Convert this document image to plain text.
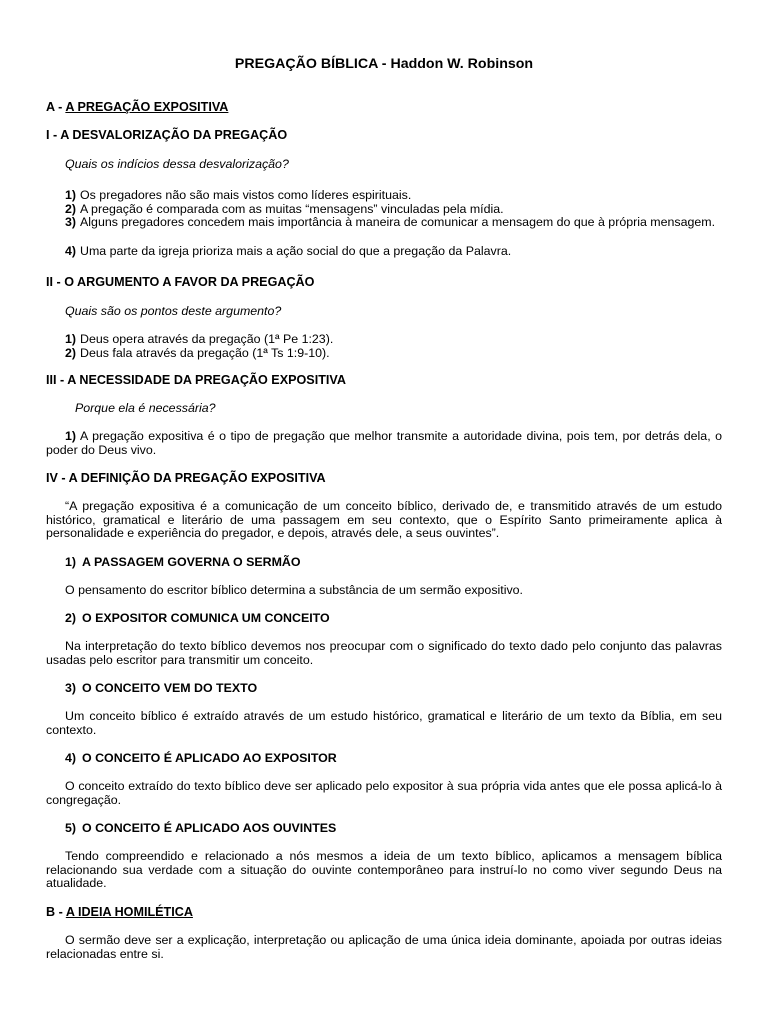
PREGAÇÃO BÍBLICA - Haddon W. Robinson
A - A PREGAÇÃO EXPOSITIVA
I - A DESVALORIZAÇÃO DA PREGAÇÃO
Quais os indícios dessa desvalorização?
1) Os pregadores não são mais vistos como líderes espirituais.
2) A pregação é comparada com as muitas “mensagens” vinculadas pela mídia.
3) Alguns pregadores concedem mais importância à maneira de comunicar a mensagem do que à própria mensagem.
4) Uma parte da igreja prioriza mais a ação social do que a pregação da Palavra.
II - O ARGUMENTO A FAVOR DA PREGAÇÃO
Quais são os pontos deste argumento?
1) Deus opera através da pregação (1ª Pe 1:23).
2) Deus fala através da pregação (1ª Ts 1:9-10).
III - A NECESSIDADE DA PREGAÇÃO EXPOSITIVA
Porque ela é necessária?
1) A pregação expositiva é o tipo de pregação que melhor transmite a autoridade divina, pois tem, por detrás dela, o poder do Deus vivo.
IV - A DEFINIÇÃO DA PREGAÇÃO EXPOSITIVA
“A pregação expositiva é a comunicação de um conceito bíblico, derivado de, e transmitido através de um estudo histórico, gramatical e literário de uma passagem em seu contexto, que o Espírito Santo primeiramente aplica à personalidade e experiência do pregador, e depois, através dele, a seus ouvintes”.
1) A PASSAGEM GOVERNA O SERMÃO
O pensamento do escritor bíblico determina a substância de um sermão expositivo.
2) O EXPOSITOR COMUNICA UM CONCEITO
Na interpretação do texto bíblico devemos nos preocupar com o significado do texto dado pelo conjunto das palavras usadas pelo escritor para transmitir um conceito.
3) O CONCEITO VEM DO TEXTO
Um conceito bíblico é extraído através de um estudo histórico, gramatical e literário de um texto da Bíblia, em seu contexto.
4) O CONCEITO É APLICADO AO EXPOSITOR
O conceito extraído do texto bíblico deve ser aplicado pelo expositor à sua própria vida antes que ele possa aplicá-lo à congregação.
5) O CONCEITO É APLICADO AOS OUVINTES
Tendo compreendido e relacionado a nós mesmos a ideia de um texto bíblico, aplicamos a mensagem bíblica relacionando sua verdade com a situação do ouvinte contemporâneo para instruí-lo no como viver segundo Deus na atualidade.
B - A IDEIA HOMILÉTICA
O sermão deve ser a explicação, interpretação ou aplicação de uma única ideia dominante, apoiada por outras ideias relacionadas entre si.
